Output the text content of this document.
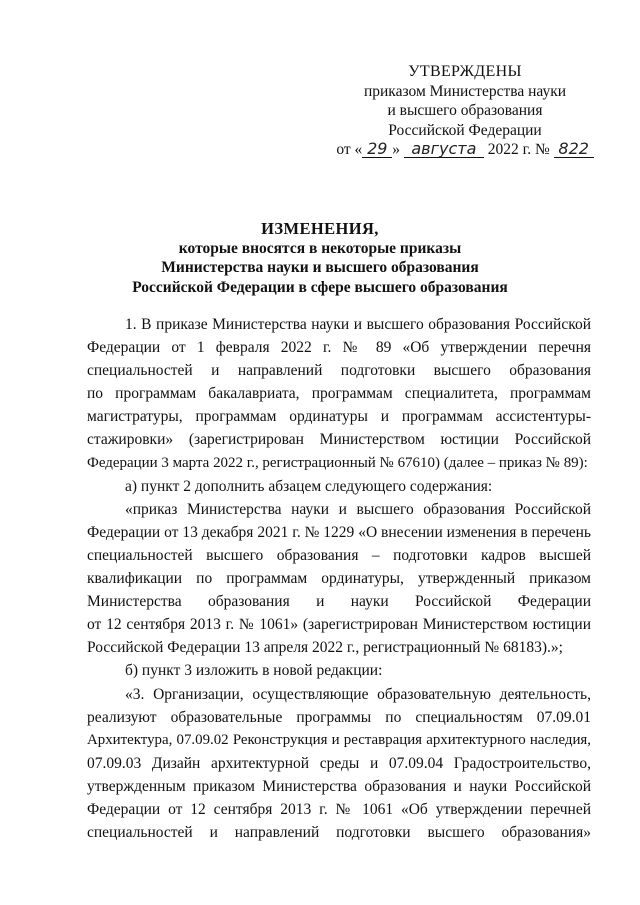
УТВЕРЖДЕНЫ
приказом Министерства науки
и высшего образования
Российской Федерации
от « 29 » августа 2022 г. № 822
ИЗМЕНЕНИЯ,
которые вносятся в некоторые приказы
Министерства науки и высшего образования
Российской Федерации в сфере высшего образования
1. В приказе Министерства науки и высшего образования Российской
Федерации от 1 февраля 2022 г. № 89 «Об утверждении перечня
специальностей и направлений подготовки высшего образования
по программам бакалавриата, программам специалитета, программам
магистратуры, программам ординатуры и программам ассистентуры-
стажировки» (зарегистрирован Министерством юстиции Российской
Федерации 3 марта 2022 г., регистрационный № 67610) (далее – приказ № 89):
а) пункт 2 дополнить абзацем следующего содержания:
«приказ Министерства науки и высшего образования Российской
Федерации от 13 декабря 2021 г. № 1229 «О внесении изменения в перечень
специальностей высшего образования – подготовки кадров высшей
квалификации по программам ординатуры, утвержденный приказом
Министерства образования и науки Российской Федерации
от 12 сентября 2013 г. № 1061» (зарегистрирован Министерством юстиции
Российской Федерации 13 апреля 2022 г., регистрационный № 68183).»;
б) пункт 3 изложить в новой редакции:
«3. Организации, осуществляющие образовательную деятельность,
реализуют образовательные программы по специальностям 07.09.01
Архитектура, 07.09.02 Реконструкция и реставрация архитектурного наследия,
07.09.03 Дизайн архитектурной среды и 07.09.04 Градостроительство,
утвержденным приказом Министерства образования и науки Российской
Федерации от 12 сентября 2013 г. № 1061 «Об утверждении перечней
специальностей и направлений подготовки высшего образования»
